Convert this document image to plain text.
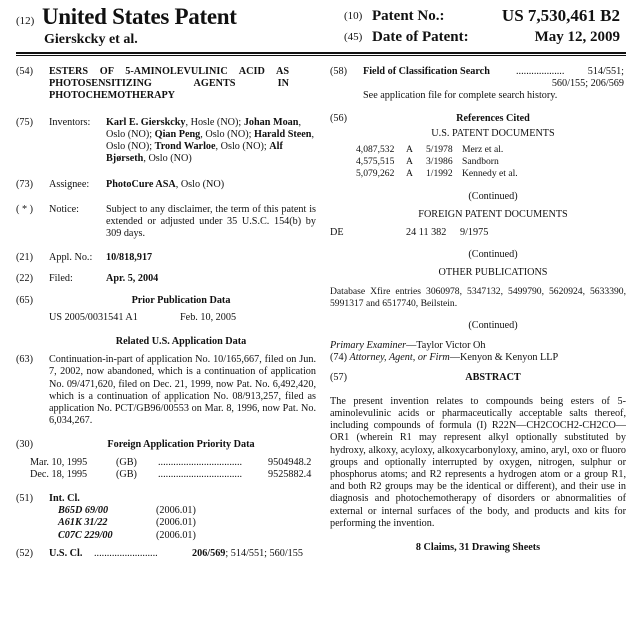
(12) United States Patent
Gierskcky et al.
(10) Patent No.:	US 7,530,461 B2
(45) Date of Patent:	May 12, 2009
(54)	ESTERS OF 5-AMINOLEVULINIC ACID AS PHOTOSENSITIZING AGENTS IN PHOTOCHEMOTHERAPY
(75)	Inventors: Karl E. Gierskcky, Hosle (NO); Johan Moan, Oslo (NO); Qian Peng, Oslo (NO); Harald Steen, Oslo (NO); Trond Warloe, Oslo (NO); Alf Bjørseth, Oslo (NO)
(73)	Assignee: PhotoCure ASA, Oslo (NO)
( * )	Notice:	Subject to any disclaimer, the term of this patent is extended or adjusted under 35 U.S.C. 154(b) by 309 days.
(21)	Appl. No.: 10/818,917
(22)	Filed:	Apr. 5, 2004
(65)	Prior Publication Data
US 2005/0031541 A1	Feb. 10, 2005
Related U.S. Application Data
(63)	Continuation-in-part of application No. 10/165,667, filed on Jun. 7, 2002, now abandoned, which is a continuation of application No. 09/471,620, filed on Dec. 21, 1999, now Pat. No. 6,492,420, which is a continuation of application No. 08/913,257, filed as application No. PCT/GB96/00553 on Mar. 8, 1996, now Pat. No. 6,034,267.
(30)	Foreign Application Priority Data
Mar. 10, 1995	(GB) .................................	9504948.2
Dec. 18, 1995	(GB) .................................	9525882.4
(51)	Int. Cl.
B65D 69/00	(2006.01)
A61K 31/22	(2006.01)
C07C 229/00	(2006.01)
(52) U.S. Cl. .........................	206/569 ; 514/551; 560/155
(58) Field of Classification Search	................... 514/551;
560/155; 206/569
See application file for complete search history.
(56)	References Cited
U.S. PATENT DOCUMENTS
4,087,532 A 5/1978 Merz et al.
4,575,515 A 3/1986 Sandborn
5,079,262 A 1/1992 Kennedy et al.
(Continued)
FOREIGN PATENT DOCUMENTS
DE	24 11 382 9/1975
(Continued)
OTHER PUBLICATIONS
Database Xfire entries 3060978, 5347132, 5499790, 5620924, 5633390, 5991317 and 6517740, Beilstein.
(Continued)
Primary Examiner—Taylor Victor Oh
(74) Attorney, Agent, or Firm—Kenyon & Kenyon LLP
(57)	ABSTRACT
The present invention relates to compounds being esters of 5-aminolevulinic acids or pharmaceutically acceptable salts thereof, including compounds of formula (I) R22N—CH2COCH2-CH2CO—OR1 (wherein R1 may represent alkyl optionally substituted by hydroxy, alkoxy, acyloxy, alkoxycarbonyloxy, amino, aryl, oxo or fluoro groups and optionally interrupted by oxygen, nitrogen, sulphur or phosphorus atoms; and R2 represents a hydrogen atom or a group R1, and both R2 groups may be the identical or different), and their use in diagnosis and photochemotherapy of disorders or abnormalities of external or internal surfaces of the body, and products and kits for performing the invention.
8 Claims, 31 Drawing Sheets
